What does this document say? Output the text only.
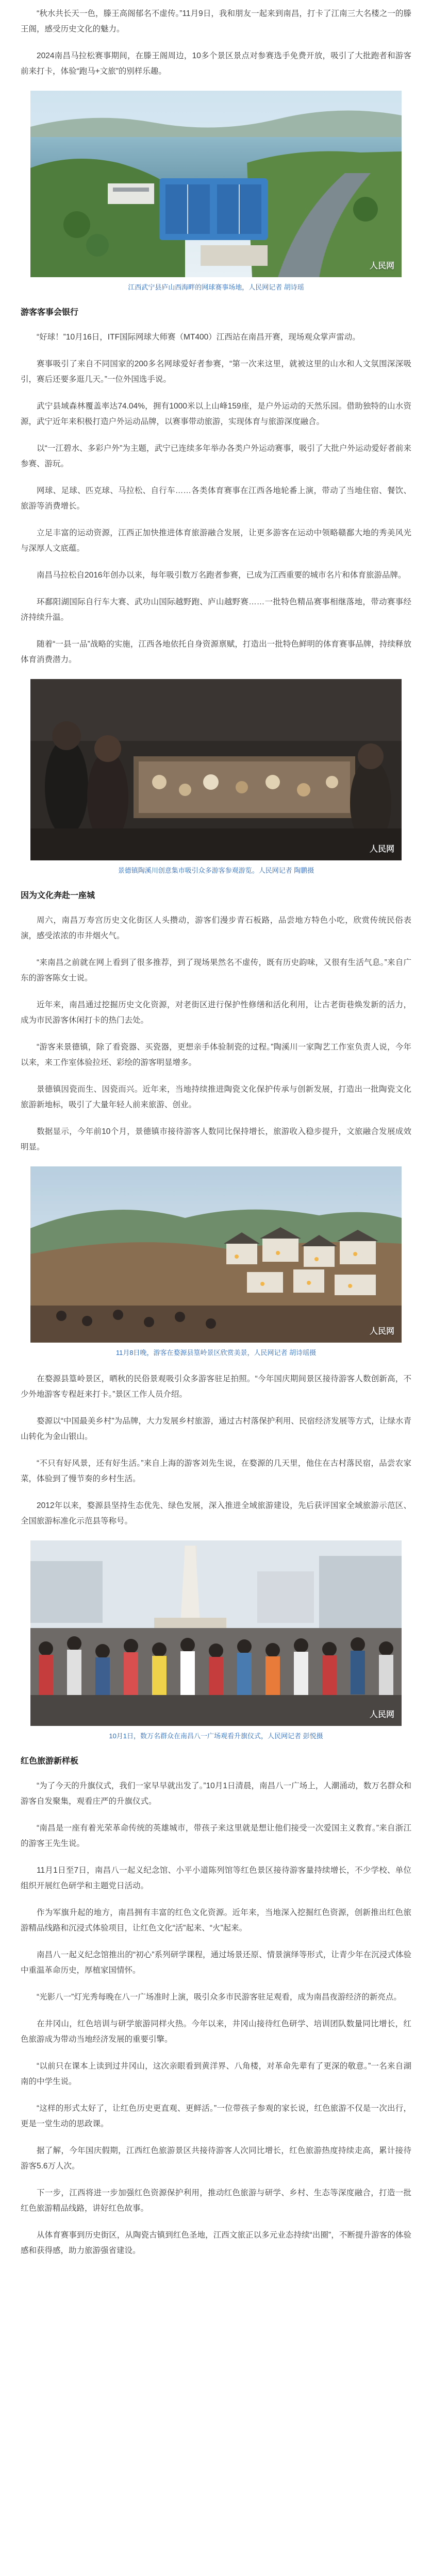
“秋水共长天一色，滕王高阁郁名不虚传。”11月9日，我和朋友一起来到南昌，打卡了江南三大名楼之一的滕王阁，感受历史文化的魅力。

2024南昌马拉松赛事期间，在滕王阁周边，10多个景区景点对参赛选手免费开放，吸引了大批跑者和游客前来打卡，体验“跑马+文旅”的别样乐趣。

人民网
江西武宁县庐山西海畔的网球赛事场地，人民网记者 胡诗瑶
游客客事会银行

“好球！”10月16日，ITF国际网球大师赛（MT400）江西站在南昌开赛，现场观众掌声雷动。

赛事吸引了来自不同国家的200多名网球爱好者参赛，“第一次来这里，就被这里的山水和人文氛围深深吸引，赛后还要多逛几天。”一位外国选手说。

武宁县域森林覆盖率达74.04%，拥有1000米以上山峰159座，是户外运动的天然乐园。借助独特的山水资源，武宁近年来积极打造户外运动品牌，以赛事带动旅游，实现体育与旅游深度融合。

以“一江碧水、多彩户外”为主题，武宁已连续多年举办各类户外运动赛事，吸引了大批户外运动爱好者前来参赛、游玩。

网球、足球、匹克球、马拉松、自行车……各类体育赛事在江西各地轮番上演，带动了当地住宿、餐饮、旅游等消费增长。

立足丰富的运动资源，江西正加快推进体育旅游融合发展，让更多游客在运动中领略赣鄱大地的秀美风光与深厚人文底蕴。

南昌马拉松自2016年创办以来，每年吸引数万名跑者参赛，已成为江西重要的城市名片和体育旅游品牌。

环鄱阳湖国际自行车大赛、武功山国际越野跑、庐山越野赛……一批特色精品赛事相继落地，带动赛事经济持续升温。

随着“一县一品”战略的实施，江西各地依托自身资源禀赋，打造出一批特色鲜明的体育赛事品牌，持续释放体育消费潜力。

人民网
景德镇陶溪川创意集市吸引众多游客参观游览。人民网记者 陶鹏摄
因为文化奔赴一座城

周六，南昌万寿宫历史文化街区人头攒动，游客们漫步青石板路，品尝地方特色小吃，欣赏传统民俗表演，感受浓浓的市井烟火气。

“来南昌之前就在网上看到了很多推荐，到了现场果然名不虚传，既有历史韵味，又很有生活气息。”来自广东的游客陈女士说。

近年来，南昌通过挖掘历史文化资源，对老街区进行保护性修缮和活化利用，让古老街巷焕发新的活力，成为市民游客休闲打卡的热门去处。

“游客来景德镇，除了看瓷器、买瓷器，更想亲手体验制瓷的过程。”陶溪川一家陶艺工作室负责人说，今年以来，来工作室体验拉坯、彩绘的游客明显增多。

景德镇因瓷而生、因瓷而兴。近年来，当地持续推进陶瓷文化保护传承与创新发展，打造出一批陶瓷文化旅游新地标，吸引了大量年轻人前来旅游、创业。

数据显示，今年前10个月，景德镇市接待游客人数同比保持增长，旅游收入稳步提升，文旅融合发展成效明显。

人民网
11月8日晚，游客在婺源县篁岭景区欣赏美景，人民网记者 胡诗瑶摄

在婺源县篁岭景区，晒秋的民俗景观吸引众多游客驻足拍照。“今年国庆期间景区接待游客人数创新高，不少外地游客专程赶来打卡。”景区工作人员介绍。

婺源以“中国最美乡村”为品牌，大力发展乡村旅游，通过古村落保护利用、民宿经济发展等方式，让绿水青山转化为金山银山。

“不只有好风景，还有好生活。”来自上海的游客刘先生说，在婺源的几天里，他住在古村落民宿，品尝农家菜，体验到了慢节奏的乡村生活。

2012年以来，婺源县坚持生态优先、绿色发展，深入推进全域旅游建设，先后获评国家全域旅游示范区、全国旅游标准化示范县等称号。

人民网
10月1日，数万名群众在南昌八一广场观看升旗仪式，人民网记者 彭悦摄
红色旅游新样板

“为了今天的升旗仪式，我们一家早早就出发了。”10月1日清晨，南昌八一广场上，人潮涌动，数万名群众和游客自发聚集，观看庄严的升旗仪式。

“南昌是一座有着光荣革命传统的英雄城市，带孩子来这里就是想让他们接受一次爱国主义教育。”来自浙江的游客王先生说。

11月1日至7日，南昌八一起义纪念馆、小平小道陈列馆等红色景区接待游客量持续增长，不少学校、单位组织开展红色研学和主题党日活动。

作为军旗升起的地方，南昌拥有丰富的红色文化资源。近年来，当地深入挖掘红色资源，创新推出红色旅游精品线路和沉浸式体验项目，让红色文化“活”起来、“火”起来。

南昌八一起义纪念馆推出的“初心”系列研学课程，通过场景还原、情景演绎等形式，让青少年在沉浸式体验中重温革命历史，厚植家国情怀。

“光影八一”灯光秀每晚在八一广场准时上演，吸引众多市民游客驻足观看，成为南昌夜游经济的新亮点。

在井冈山，红色培训与研学旅游同样火热。今年以来，井冈山接待红色研学、培训团队数量同比增长，红色旅游成为带动当地经济发展的重要引擎。

“以前只在课本上读到过井冈山，这次亲眼看到黄洋界、八角楼，对革命先辈有了更深的敬意。”一名来自湖南的中学生说。

“这样的形式太好了，让红色历史更直观、更鲜活。”一位带孩子参观的家长说，红色旅游不仅是一次出行，更是一堂生动的思政课。

据了解，今年国庆假期，江西红色旅游景区共接待游客人次同比增长，红色旅游热度持续走高，累计接待游客5.6万人次。

下一步，江西将进一步加强红色资源保护利用，推动红色旅游与研学、乡村、生态等深度融合，打造一批红色旅游精品线路，讲好红色故事。

从体育赛事到历史街区，从陶瓷古镇到红色圣地，江西文旅正以多元业态持续“出圈”，不断提升游客的体验感和获得感，助力旅游强省建设。
